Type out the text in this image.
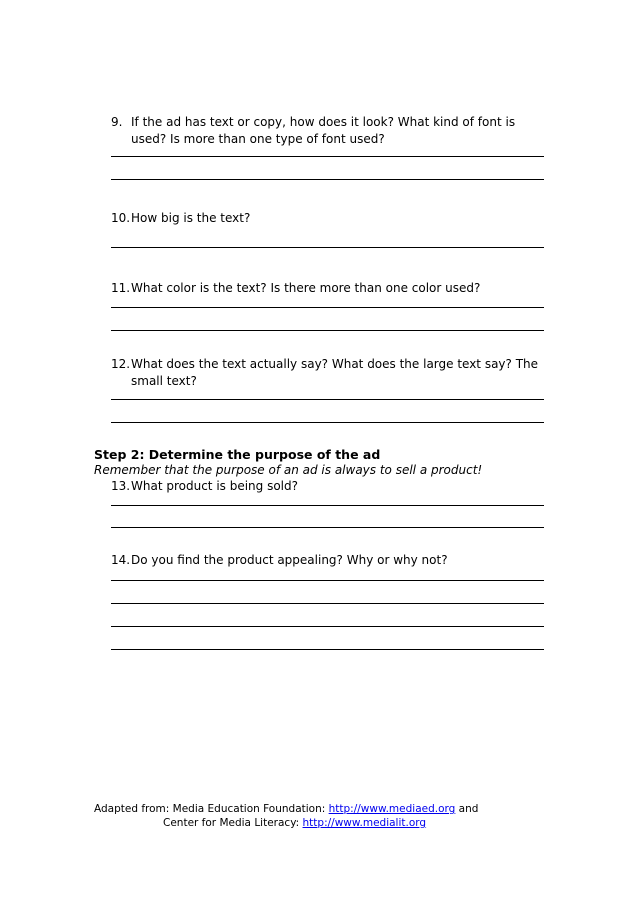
9. If the ad has text or copy, how does it look? What kind of font is used? Is more than one type of font used?
10. How big is the text?
11. What color is the text? Is there more than one color used?
12. What does the text actually say? What does the large text say? The small text?
Step 2: Determine the purpose of the ad
Remember that the purpose of an ad is always to sell a product!
13. What product is being sold?
14. Do you find the product appealing? Why or why not?
Adapted from: Media Education Foundation: http://www.mediaed.org and
Center for Media Literacy: http://www.medialit.org
